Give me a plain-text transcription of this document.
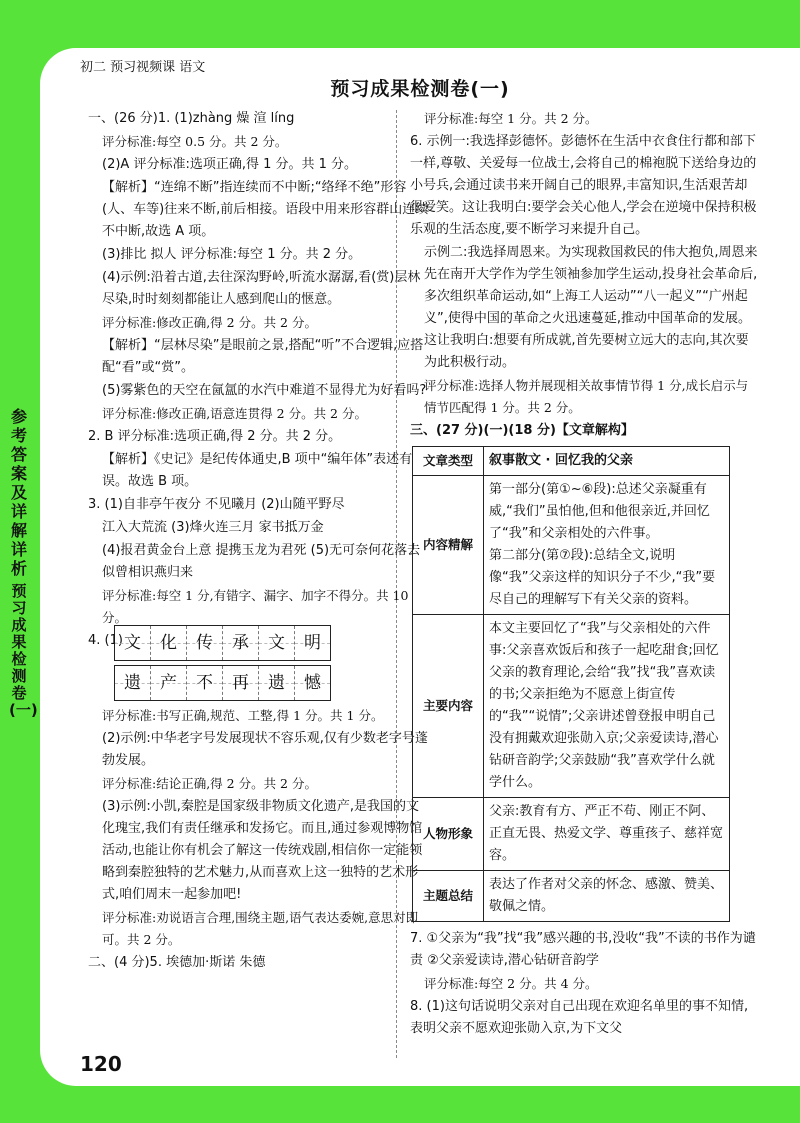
初二 预习视频课 语文
预习成果检测卷(一)

一、(26 分)1. (1)zhàng 燥 渲 líng

评分标准:每空 0.5 分。共 2 分。

(2)A 评分标准:选项正确,得 1 分。共 1 分。

【解析】“连绵不断”指连续而不中断;“络绎不绝”形容(人、车等)往来不断,前后相接。语段中用来形容群山连续不中断,故选 A 项。

(3)排比 拟人 评分标准:每空 1 分。共 2 分。

(4)示例:沿着古道,去往深沟野岭,听流水潺潺,看(赏)层林尽染,时时刻刻都能让人感到爬山的惬意。

评分标准:修改正确,得 2 分。共 2 分。

【解析】“层林尽染”是眼前之景,搭配“听”不合逻辑,应搭配“看”或“赏”。

(5)雾紫色的天空在氤氲的水汽中难道不显得尤为好看吗?

评分标准:修改正确,语意连贯得 2 分。共 2 分。

2. B 评分标准:选项正确,得 2 分。共 2 分。

【解析】《史记》是纪传体通史,B 项中“编年体”表述有误。故选 B 项。

3. (1)自非亭午夜分 不见曦月 (2)山随平野尽

江入大荒流 (3)烽火连三月 家书抵万金

(4)报君黄金台上意 提携玉龙为君死 (5)无可奈何花落去 似曾相识燕归来

评分标准:每空 1 分,有错字、漏字、加字不得分。共 10 分。

4. (1) 文 化 传 承 文 明
遗 产 不 再 遗 憾

评分标准:书写正确,规范、工整,得 1 分。共 1 分。

(2)示例:中华老字号发展现状不容乐观,仅有少数老字号蓬勃发展。

评分标准:结论正确,得 2 分。共 2 分。

(3)示例:小凯,秦腔是国家级非物质文化遗产,是我国的文化瑰宝,我们有责任继承和发扬它。而且,通过参观博物馆活动,也能让你有机会了解这一传统戏剧,相信你一定能领略到秦腔独特的艺术魅力,从而喜欢上这一独特的艺术形式,咱们周末一起参加吧!

评分标准:劝说语言合理,围绕主题,语气表达委婉,意思对即可。共 2 分。

二、(4 分)5. 埃德加·斯诺 朱德

评分标准:每空 1 分。共 2 分。

6. 示例一:我选择彭德怀。彭德怀在生活中衣食住行都和部下一样,尊敬、关爱每一位战士,会将自己的棉袍脱下送给身边的小号兵,会通过读书来开阔自己的眼界,丰富知识,生活艰苦却很爱笑。这让我明白:要学会关心他人,学会在逆境中保持积极乐观的生活态度,要不断学习来提升自己。

示例二:我选择周恩来。为实现救国救民的伟大抱负,周恩来先在南开大学作为学生领袖参加学生运动,投身社会革命后,多次组织革命运动,如“上海工人运动”“八一起义”“广州起义”,使得中国的革命之火迅速蔓延,推动中国革命的发展。这让我明白:想要有所成就,首先要树立远大的志向,其次要为此积极行动。

评分标准:选择人物并展现相关故事情节得 1 分,成长启示与情节匹配得 1 分。共 2 分。

三、(27 分)(一)(18 分)【文章解构】

文章类型	叙事散文 · 回忆我的父亲
内容精解	第一部分(第①~⑥段):总述父亲凝重有威,“我们”虽怕他,但和他很亲近,并回忆了“我”和父亲相处的六件事。
第二部分(第⑦段):总结全文,说明像“我”父亲这样的知识分子不少,“我”要尽自己的理解写下有关父亲的资料。

主要内容	本文主要回忆了“我”与父亲相处的六件事:父亲喜欢饭后和孩子一起吃甜食;回忆父亲的教育理论,会给“我”找“我”喜欢读的书;父亲拒绝为不愿意上街宣传的“我”“说情”;父亲讲述曾登报申明自己没有拥戴欢迎张勋入京;父亲爱读诗,潜心钻研音韵学;父亲鼓励“我”喜欢学什么就学什么。
人物形象	父亲:教育有方、严正不苟、刚正不阿、正直无畏、热爱文学、尊重孩子、慈祥宽容。
主题总结	表达了作者对父亲的怀念、感激、赞美、敬佩之情。

7. ①父亲为“我”找“我”感兴趣的书,没收“我”不读的书作为谴责 ②父亲爱读诗,潜心钻研音韵学

评分标准:每空 2 分。共 4 分。

8. (1)这句话说明父亲对自己出现在欢迎名单里的事不知情,表明父亲不愿欢迎张勋入京,为下文父

120
参考答案及详解详析
预习成果检测卷(一)
